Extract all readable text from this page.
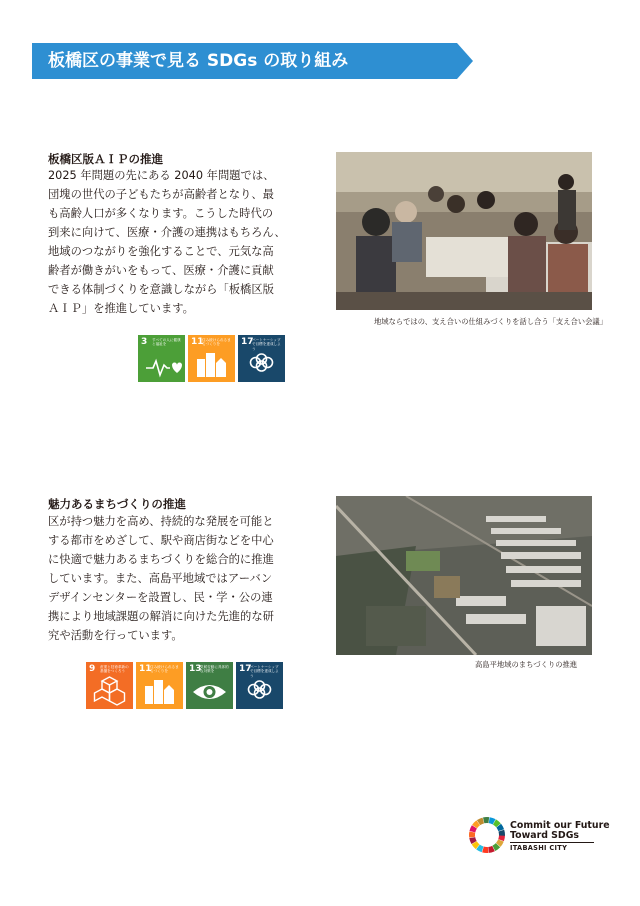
板橋区の事業で見る SDGs の取り組み
板橋区版ＡＩＰの推進
2025 年問題の先にある 2040 年問題では、
団塊の世代の子どもたちが高齢者となり、最
も高齢人口が多くなります。こうした時代の
到来に向けて、医療・介護の連携はもちろん、
地域のつながりを強化することで、元気な高
齢者が働きがいをもって、医療・介護に貢献
できる体制づくりを意識しながら「板橋区版
ＡＩＰ」を推進しています。
地域ならではの、支え合いの仕組みづくりを話し合う「支え合い会議」
3 すべての人に健康と福祉を	11
住み続けられるまちづくりを	17
パートナーシップで目標を達成しよう
魅力あるまちづくりの推進
区が持つ魅力を高め、持続的な発展を可能と
する都市をめざして、駅や商店街などを中心
に快適で魅力あるまちづくりを総合的に推進
しています。また、高島平地域ではアーバン
デザインセンターを設置し、民・学・公の連
携により地域課題の解消に向けた先進的な研
究や活動を行っています。
高島平地域のまちづくりの推進
9 産業と技術革新の基盤をつくろう	11
住み続けられるまちづくりを	13
気候変動に具体的な対策を	17
パートナーシップで目標を達成しよう
Commit our Future
Toward SDGs
ITABASHI CITY
